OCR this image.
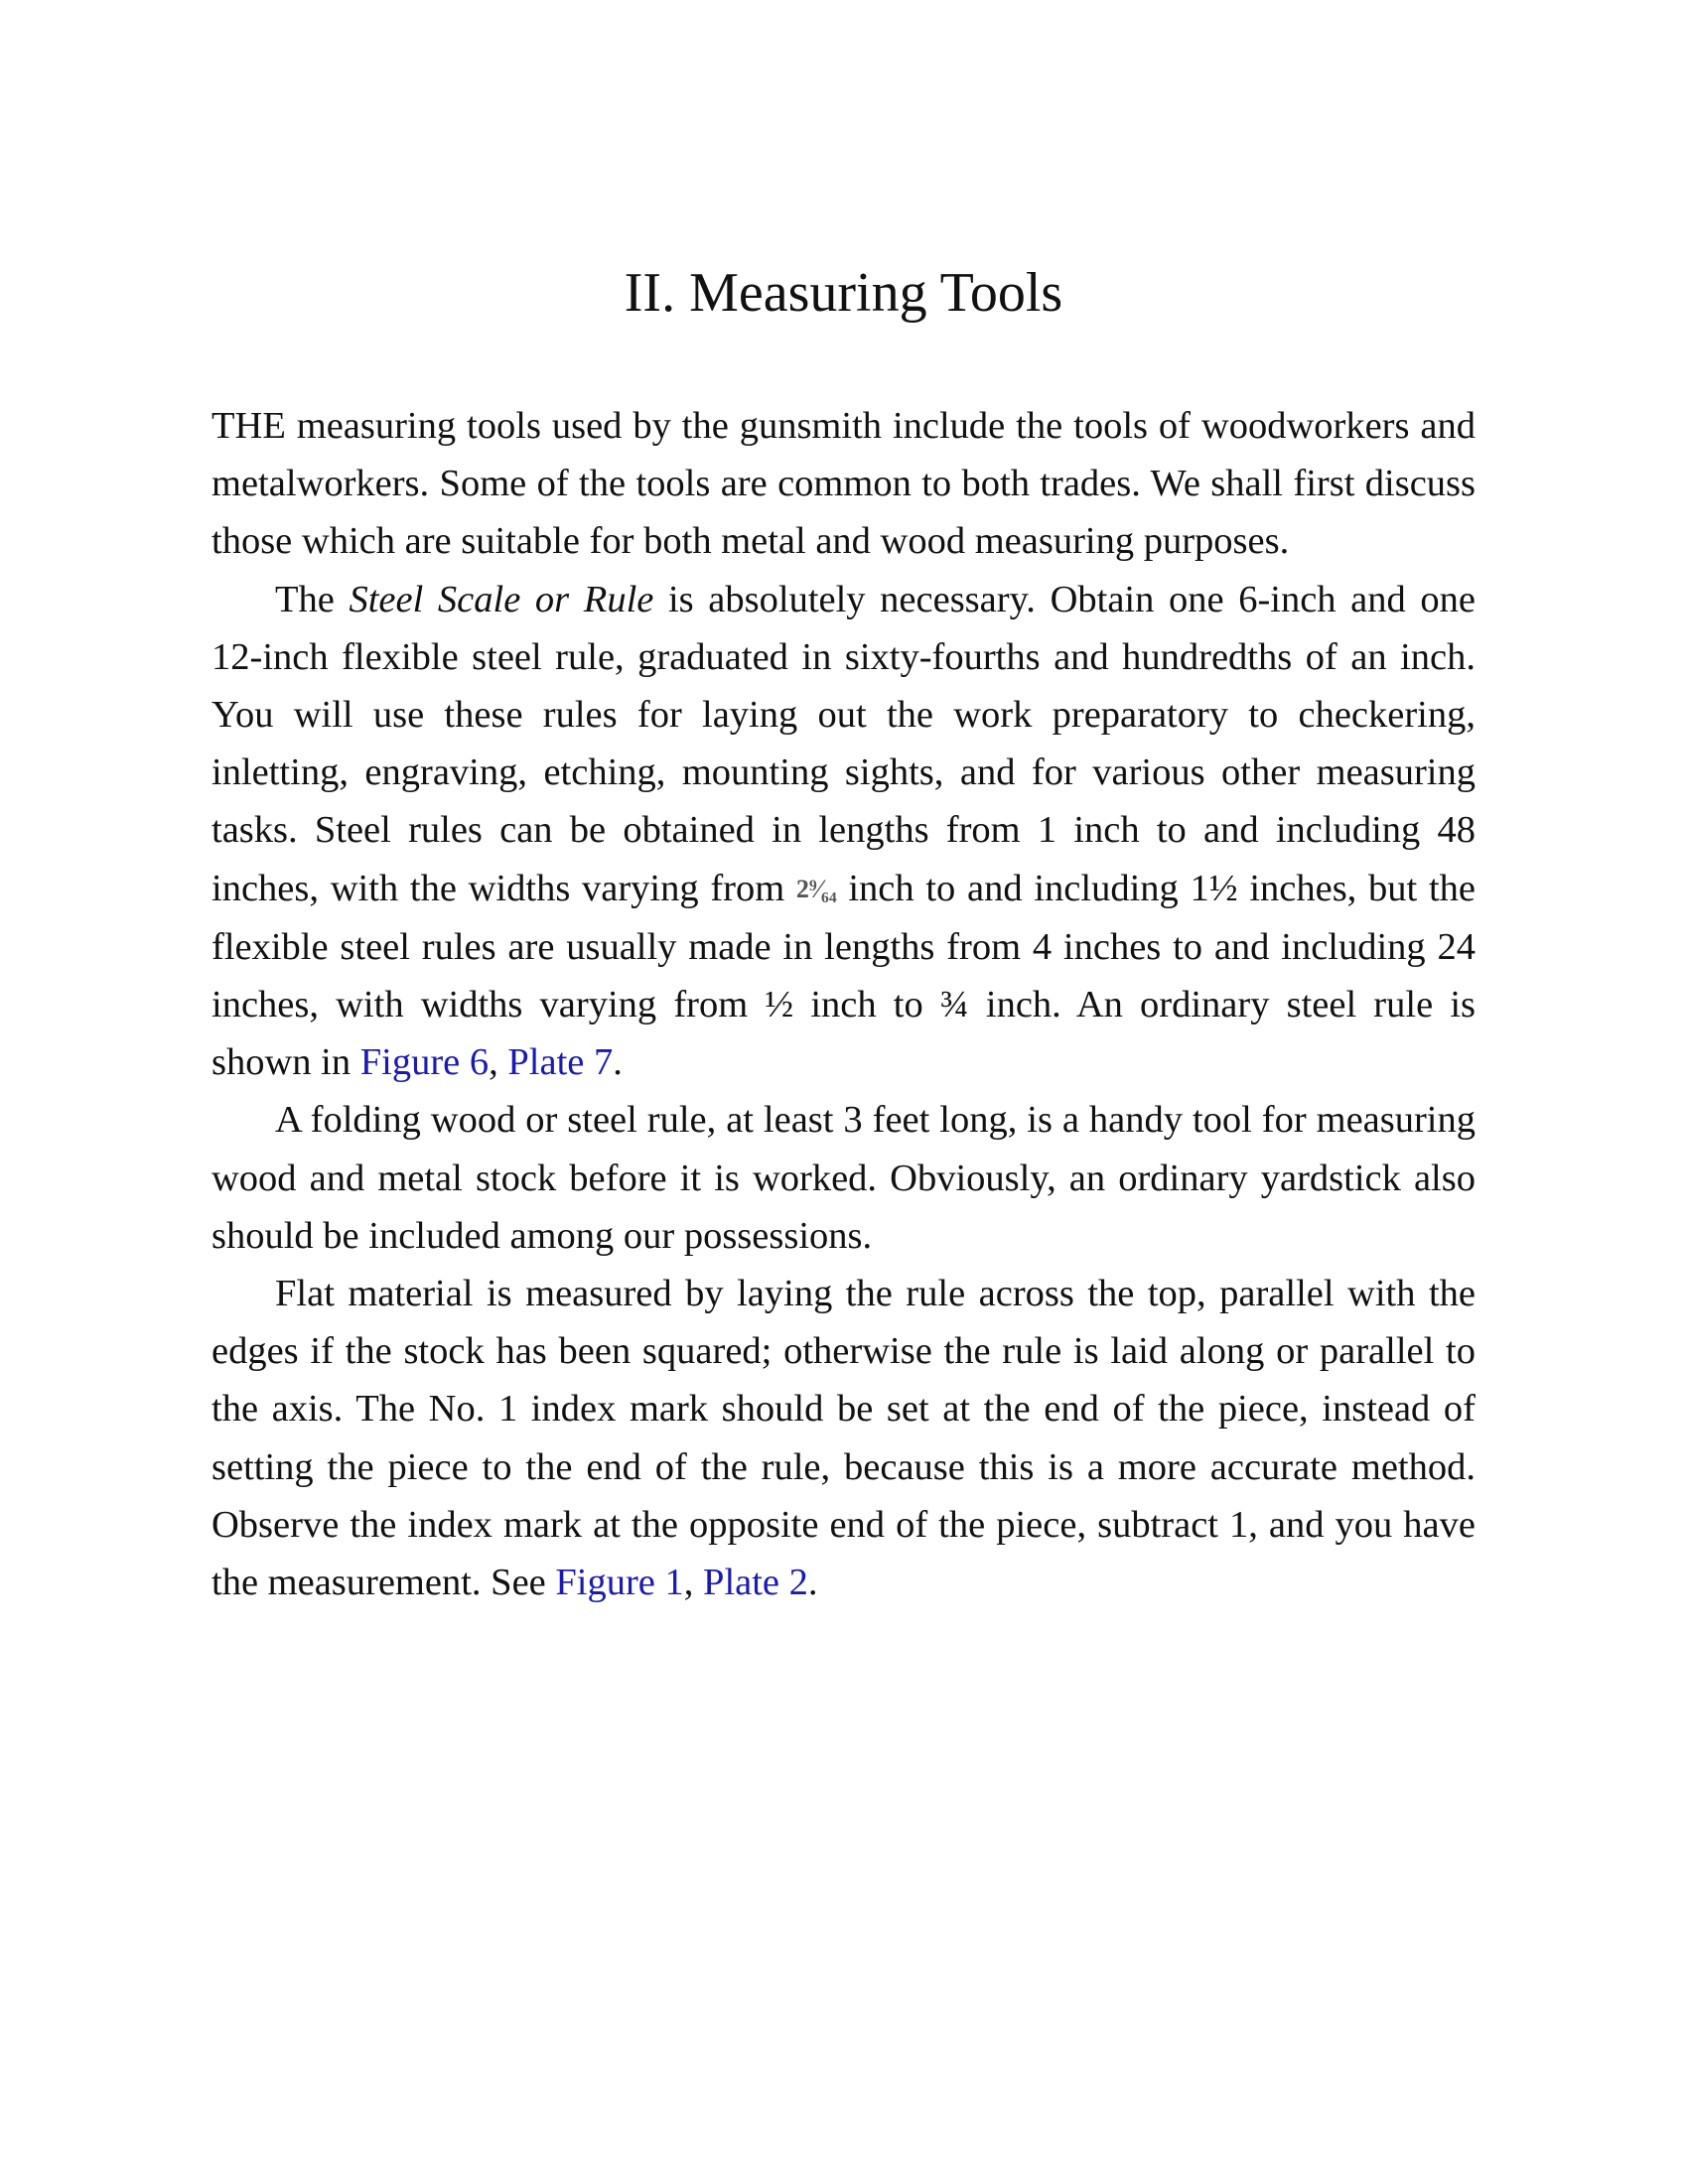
II. Measuring Tools

THE measuring tools used by the gunsmith include the tools of woodworkers and metalworkers. Some of the tools are common to both trades. We shall first discuss those which are suitable for both metal and wood measuring purposes.

The Steel Scale or Rule is absolutely necessary. Obtain one 6-inch and one 12-inch flexible steel rule, graduated in sixty-fourths and hundredths of an inch. You will use these rules for laying out the work preparatory to checkering, inletting, engraving, etching, mounting sights, and for various other measuring tasks. Steel rules can be obtained in lengths from 1 inch to and including 48 inches, with the widths varying from 2⁹⁄₆₄ inch to and including 1½ inches, but the flexible steel rules are usually made in lengths from 4 inches to and including 24 inches, with widths varying from ½ inch to ¾ inch. An ordinary steel rule is shown in Figure 6, Plate 7.

A folding wood or steel rule, at least 3 feet long, is a handy tool for measuring wood and metal stock before it is worked. Obviously, an ordinary yardstick also should be included among our possessions.

Flat material is measured by laying the rule across the top, parallel with the edges if the stock has been squared; otherwise the rule is laid along or parallel to the axis. The No. 1 index mark should be set at the end of the piece, instead of setting the piece to the end of the rule, because this is a more accurate method. Observe the index mark at the opposite end of the piece, subtract 1, and you have the measurement. See Figure 1, Plate 2.
